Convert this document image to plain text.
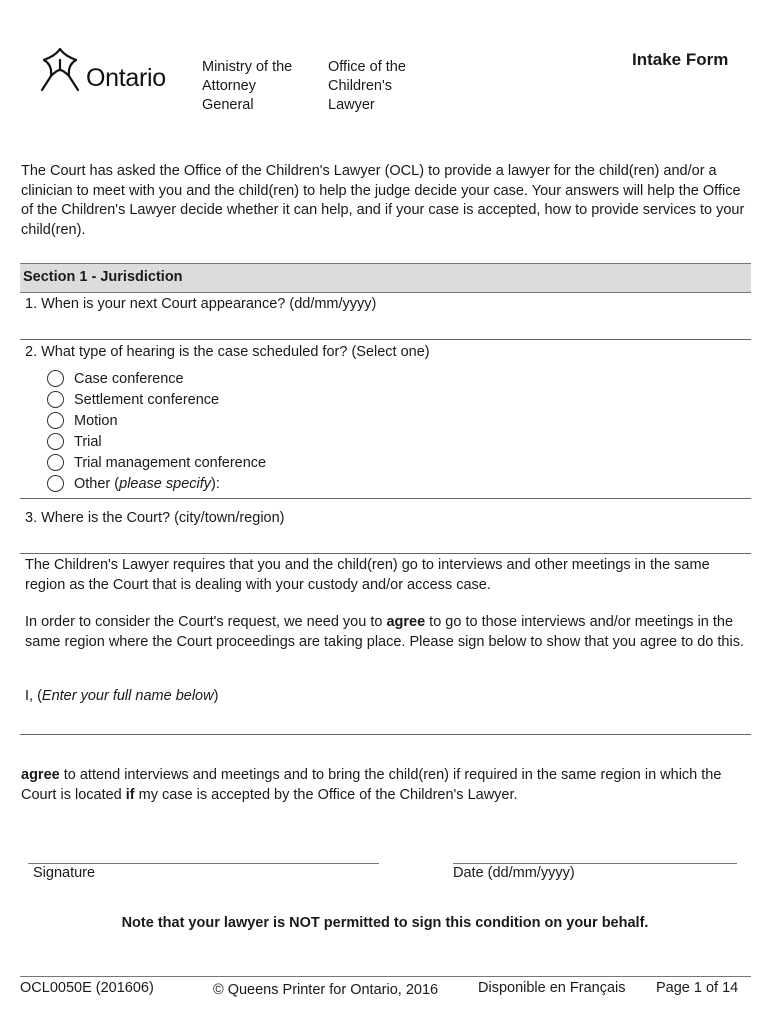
Ontario Ministry of the
Attorney
General
Office of the
Children's
Lawyer
Intake Form
The Court has asked the Office of the Children's Lawyer (OCL) to provide a lawyer for the child(ren) and/or a clinician to meet with you and the child(ren) to help the judge decide your case. Your answers will help the Office of the Children's Lawyer decide whether it can help, and if your case is accepted, how to provide services to your child(ren).
Section 1 - Jurisdiction
1. When is your next Court appearance? (dd/mm/yyyy)
2. What type of hearing is the case scheduled for? (Select one)
Case conference
Settlement conference
Motion
Trial
Trial management conference
Other (please specify):
3. Where is the Court? (city/town/region)
The Children's Lawyer requires that you and the child(ren) go to interviews and other meetings in the same region as the Court that is dealing with your custody and/or access case.
In order to consider the Court's request, we need you to agree to go to those interviews and/or meetings in the same region where the Court proceedings are taking place. Please sign below to show that you agree to do this.
I, (Enter your full name below)
agree to attend interviews and meetings and to bring the child(ren) if required in the same region in which the Court is located if my case is accepted by the Office of the Children's Lawyer.
Signature	Date (dd/mm/yyyy)
Note that your lawyer is NOT permitted to sign this condition on your behalf.
OCL0050E (201606)	© Queens Printer for Ontario, 2016	Disponible en Français Page 1 of 14
